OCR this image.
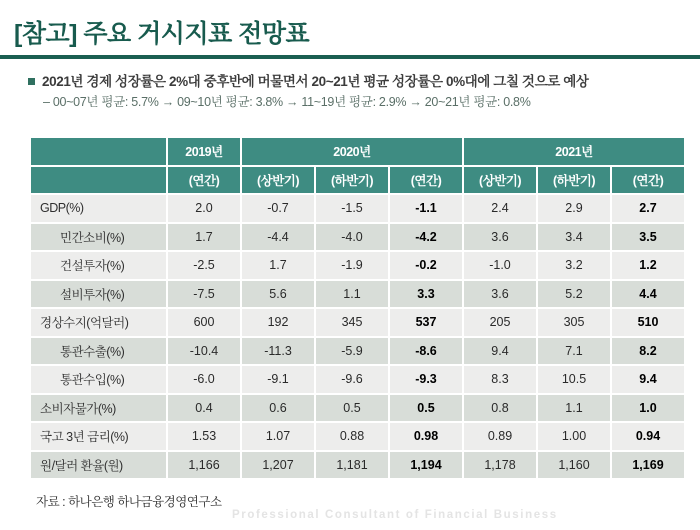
[참고] 주요 거시지표 전망표
2021년 경제 성장률은 2%대 중후반에 머물면서 20~21년 평균 성장률은 0%대에 그칠 것으로 예상
– 00~07년 평균: 5.7% → 09~10년 평균: 3.8% → 11~19년 평균: 2.9% → 20~21년 평균: 0.8%
	2019년	2020년			2021년		
	(연간)	(상반기)	(하반기)	(연간)	(상반기)	(하반기)	(연간)
GDP(%)	2.0	-0.7	-1.5	-1.1	2.4	2.9	2.7
민간소비(%)	1.7	-4.4	-4.0	-4.2	3.6	3.4	3.5
건설투자(%)	-2.5	1.7	-1.9	-0.2	-1.0	3.2	1.2
설비투자(%)	-7.5	5.6	1.1	3.3	3.6	5.2	4.4
경상수지(억달러)	600	192	345	537	205	305	510
통관수출(%)	-10.4	-11.3	-5.9	-8.6	9.4	7.1	8.2
통관수입(%)	-6.0	-9.1	-9.6	-9.3	8.3	10.5	9.4
소비자물가(%)	0.4	0.6	0.5	0.5	0.8	1.1	1.0
국고 3년 금리(%)	1.53	1.07	0.88	0.98	0.89	1.00	0.94
원/달러 환율(원)	1,166	1,207	1,181	1,194	1,178	1,160	1,169
자료 : 하나은행 하나금융경영연구소
Professional Consultant of Financial Business
